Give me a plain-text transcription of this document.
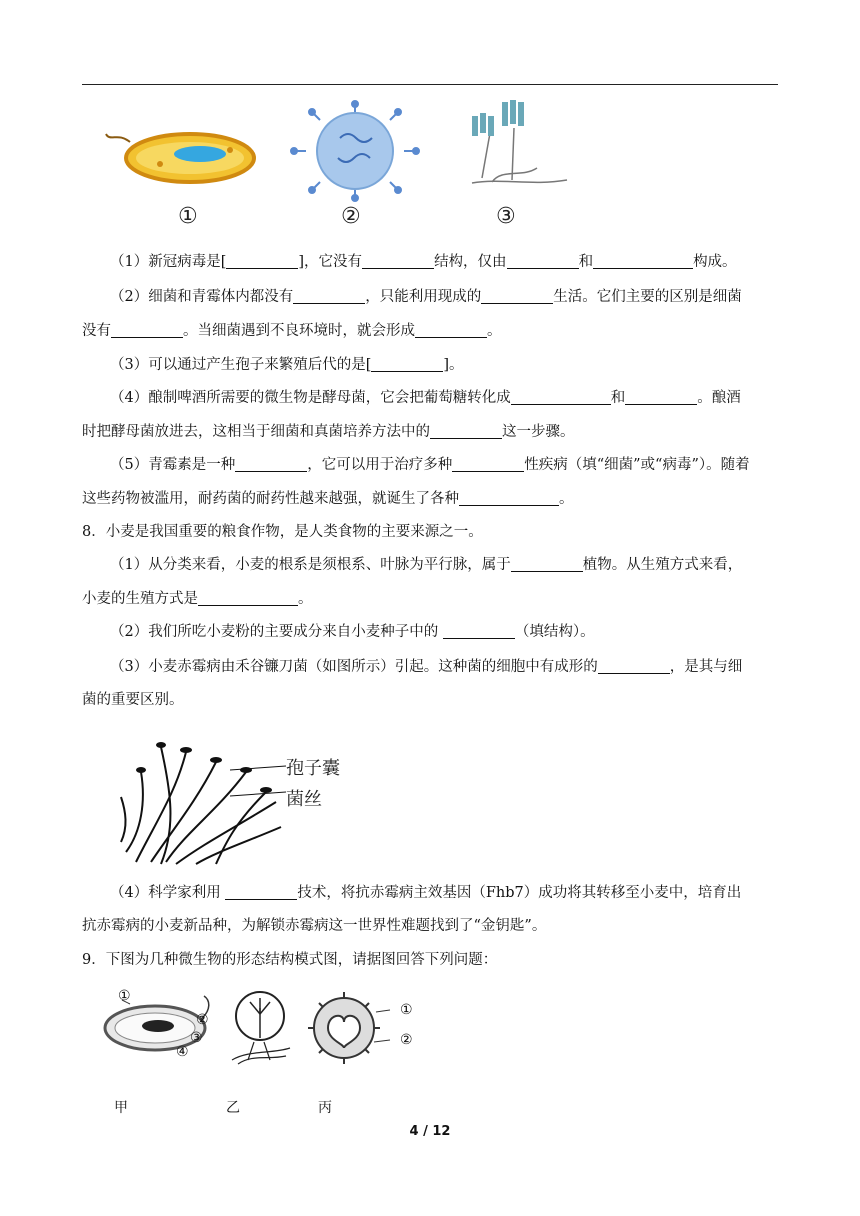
①	②	③
（1）新冠病毒是[	]，它没有	结构，仅由	和	构成。
（2）细菌和青霉体内都没有	，只能利用现成的	生活。它们主要的区别是细菌
没有	。当细菌遇到不良环境时，就会形成	。
（3）可以通过产生孢子来繁殖后代的是[	]。
（4）酿制啤酒所需要的微生物是酵母菌，它会把葡萄糖转化成	和	。酿酒
时把酵母菌放进去，这相当于细菌和真菌培养方法中的	这一步骤。
（5）青霉素是一种	，它可以用于治疗多种	性疾病（填“细菌”或“病毒”）。随着
这些药物被滥用，耐药菌的耐药性越来越强，就诞生了各种	。
8．小麦是我国重要的粮食作物，是人类食物的主要来源之一。
（1）从分类来看，小麦的根系是须根系、叶脉为平行脉，属于	植物。从生殖方式来看，
小麦的生殖方式是	。
（2）我们所吃小麦粉的主要成分来自小麦种子中的	（填结构）。
（3）小麦赤霉病由禾谷镰刀菌（如图所示）引起。这种菌的细胞中有成形的	，是其与细
菌的重要区别。
孢子囊
菌丝
（4）科学家利用	技术，将抗赤霉病主效基因（Fhb7）成功将其转移至小麦中，培育出
抗赤霉病的小麦新品种，为解锁赤霉病这一世界性难题找到了“金钥匙”。
9．下图为几种微生物的形态结构模式图，请据图回答下列问题：
①
②
③
④
①
②
甲	乙	丙
4 / 12
